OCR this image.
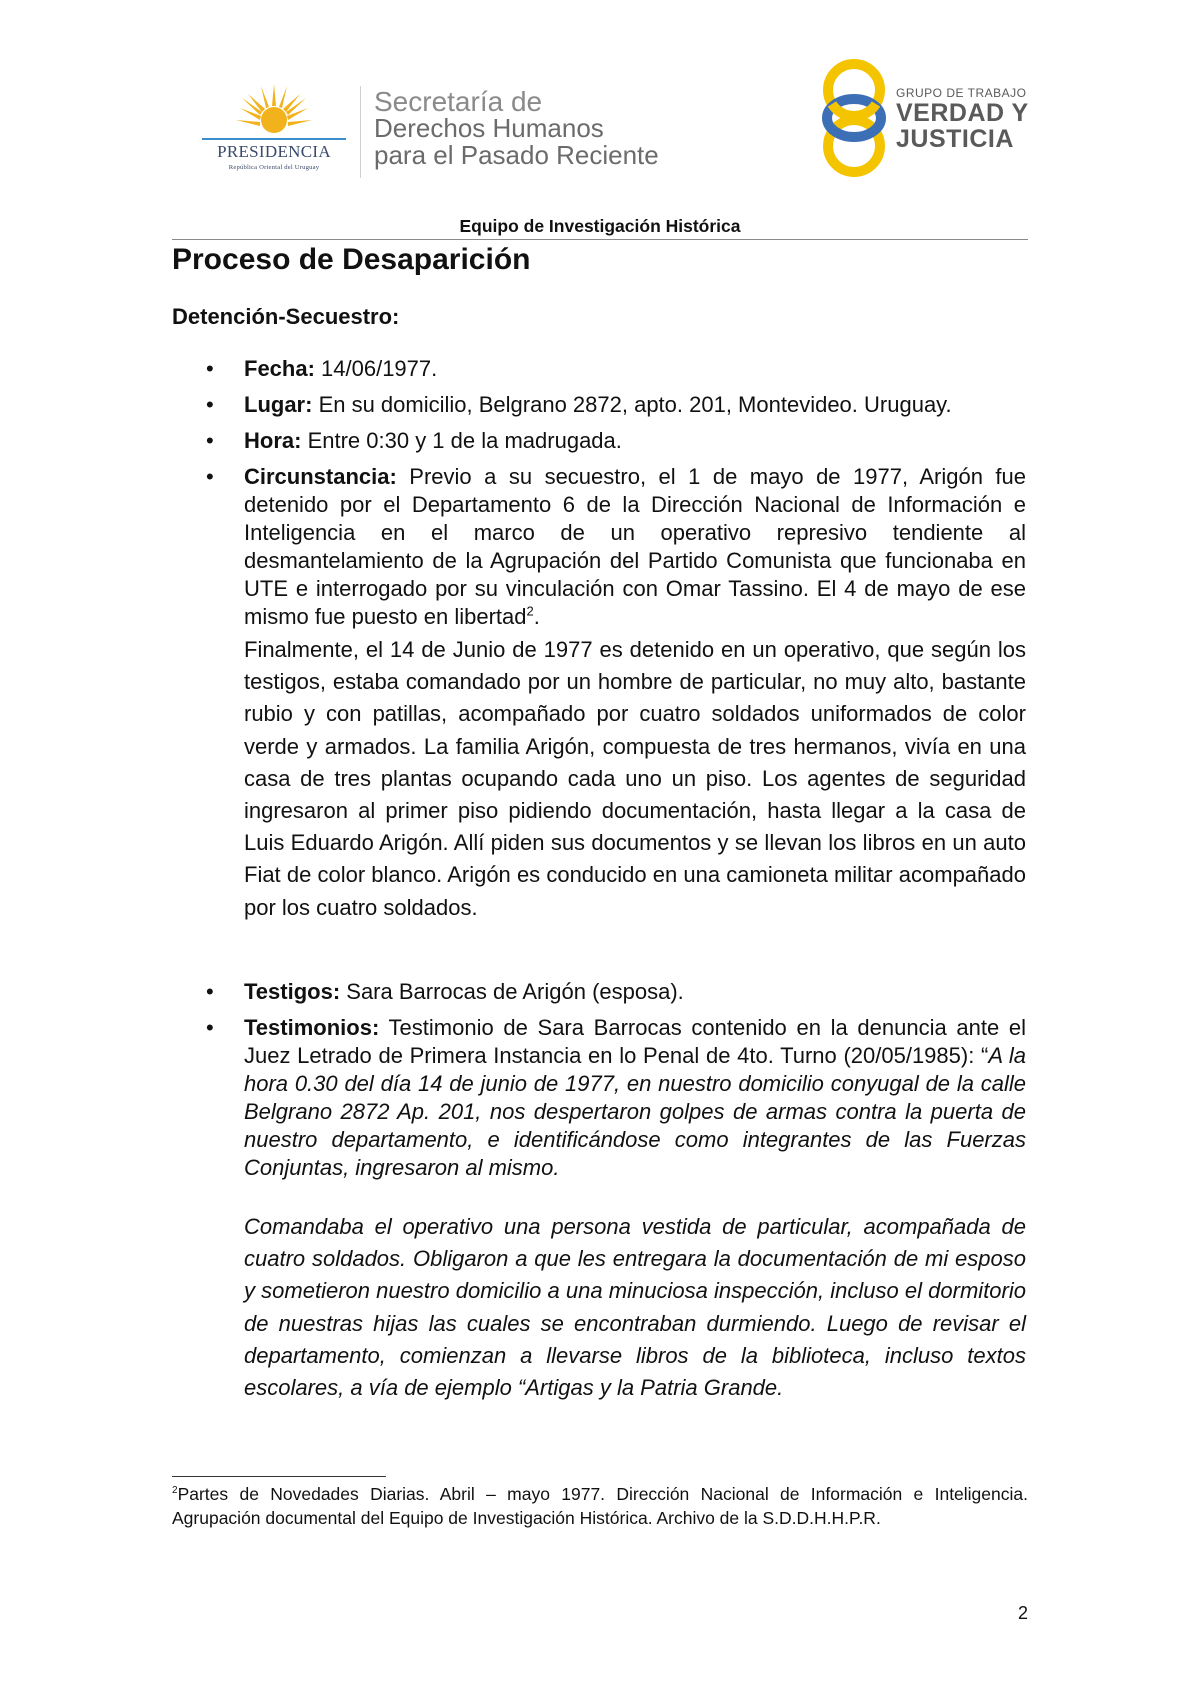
PRESIDENCIA
República Oriental del Uruguay
Secretaría de
Derechos Humanos
para el Pasado Reciente
GRUPO DE TRABAJO
VERDAD Y
JUSTICIA
Equipo de Investigación Histórica
Proceso de Desaparición
Detención-Secuestro:
• Fecha: 14/06/1977.
• Lugar: En su domicilio, Belgrano 2872, apto. 201, Montevideo. Uruguay.
• Hora: Entre 0:30 y 1 de la madrugada.
• Circunstancia: Previo a su secuestro, el 1 de mayo de 1977, Arigón fue detenido por el Departamento 6 de la Dirección Nacional de Información e Inteligencia en el marco de un operativo represivo tendiente al desmantelamiento de la Agrupación del Partido Comunista que funcionaba en UTE e interrogado por su vinculación con Omar Tassino. El 4 de mayo de ese mismo fue puesto en libertad$^2$.
Finalmente, el 14 de Junio de 1977 es detenido en un operativo, que según los testigos, estaba comandado por un hombre de particular, no muy alto, bastante rubio y con patillas, acompañado por cuatro soldados uniformados de color verde y armados. La familia Arigón, compuesta de tres hermanos, vivía en una casa de tres plantas ocupando cada uno un piso. Los agentes de seguridad ingresaron al primer piso pidiendo documentación, hasta llegar a la casa de Luis Eduardo Arigón. Allí piden sus documentos y se llevan los libros en un auto Fiat de color blanco. Arigón es conducido en una camioneta militar acompañado por los cuatro soldados.
• Testigos: Sara Barrocas de Arigón (esposa).
• Testimonios: Testimonio de Sara Barrocas contenido en la denuncia ante el Juez Letrado de Primera Instancia en lo Penal de 4to. Turno (20/05/1985): “A la hora 0.30 del día 14 de junio de 1977, en nuestro domicilio conyugal de la calle Belgrano 2872 Ap. 201, nos despertaron golpes de armas contra la puerta de nuestro departamento, e identificándose como integrantes de las Fuerzas Conjuntas, ingresaron al mismo.
Comandaba el operativo una persona vestida de particular, acompañada de cuatro soldados. Obligaron a que les entregara la documentación de mi esposo y sometieron nuestro domicilio a una minuciosa inspección, incluso el dormitorio de nuestras hijas las cuales se encontraban durmiendo. Luego de revisar el departamento, comienzan a llevarse libros de la biblioteca, incluso textos escolares, a vía de ejemplo “Artigas y la Patria Grande.
$^2$Partes de Novedades Diarias. Abril – mayo 1977. Dirección Nacional de Información e Inteligencia. Agrupación documental del Equipo de Investigación Histórica. Archivo de la S.D.D.H.H.P.R.
2
